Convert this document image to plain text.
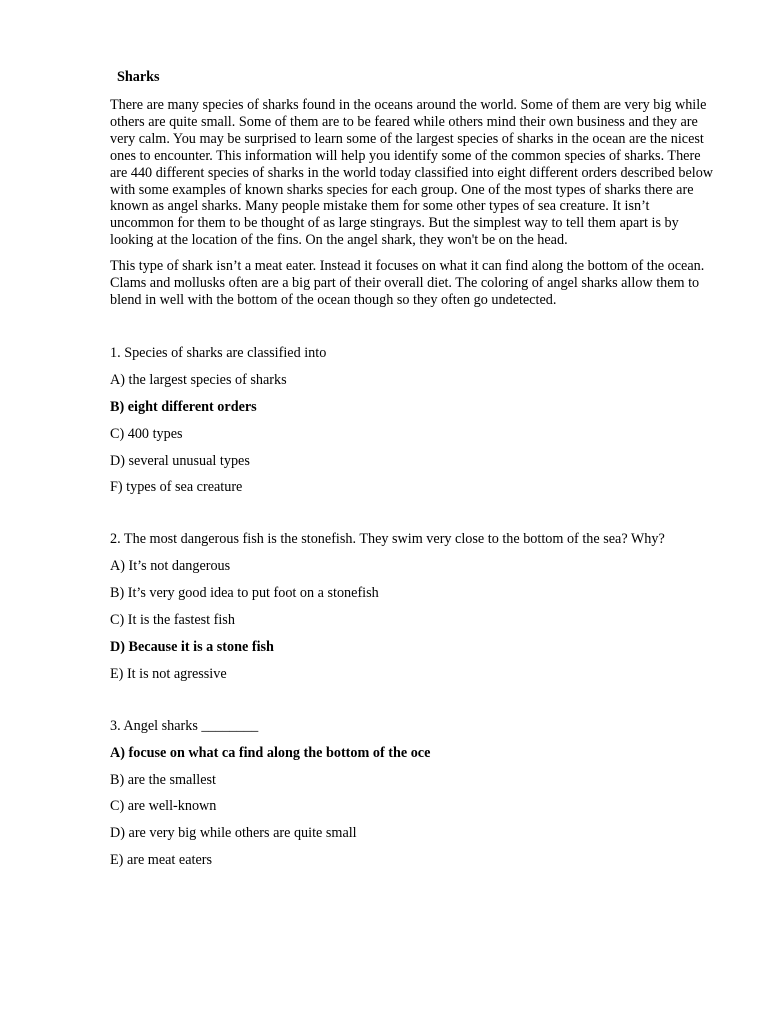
Sharks

There are many species of sharks found in the oceans around the world. Some of them are very big while others are quite small. Some of them are to be feared while others mind their own business and they are very calm. You may be surprised to learn some of the largest species of sharks in the ocean are the nicest ones to encounter. This information will help you identify some of the common species of sharks. There are 440 different species of sharks in the world today classified into eight different orders described below with some examples of known sharks species for each group. One of the most types of sharks there are known as angel sharks. Many people mistake them for some other types of sea creature. It isn’t uncommon for them to be thought of as large stingrays. But the simplest way to tell them apart is by looking at the location of the fins. On the angel shark, they won't be on the head.

This type of shark isn’t a meat eater. Instead it focuses on what it can find along the bottom of the ocean. Clams and mollusks often are a big part of their overall diet. The coloring of angel sharks allow them to blend in well with the bottom of the ocean though so they often go undetected.

1. Species of sharks are classified into

A) the largest species of sharks

B) eight different orders

C) 400 types

D) several unusual types

F) types of sea creature

2. The most dangerous fish is the stonefish. They swim very close to the bottom of the sea? Why?

A) It’s not dangerous

B) It’s very good idea to put foot on a stonefish

C) It is the fastest fish

D) Because it is a stone fish

E) It is not agressive

3. Angel sharks ________

A) focuse on what ca find along the bottom of the oce

B) are the smallest

C) are well-known

D) are very big while others are quite small

E) are meat eaters
